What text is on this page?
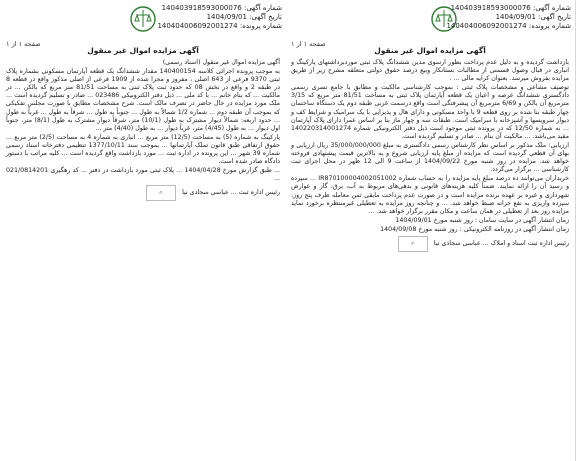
شماره آگهی: 140403918593000076
تاریخ آگهی: 1404/09/01
شماره پرونده: 140404006092001274
صفحه ۱ از ۱
آگهی مزایده اموال غیر منقول

بازداشت گردیده و به دلیل عدم پرداخت بطور ارسوی مدین ششدانگ پلاک ثبتی موردبرداشتهای پارکینگ و انباری در قبال وصول قسمتی از مطالبات بستانکار وبیع درصد حقوق دولتی متعلقه مشرح زیر از طریق مزایده بفروش میرسد. بعنوان کرایه مالی ... .

توصیف مشاعی و مشخصات پلاک ثبتی : بموجب کارشناسی مالکیت و مطابق با جامع تسری رسمی دادگستری ششدانگ عرصه و اعیان یک قطعه آپارتمان پلاک ثبتی به مساحت 81/51 متر مربع که 3/15 مترمربع آن بالکن و 6/69 مترمربع آن پیشرفتگی است واقع درسمت غربی طبقه دوم یک دستگاه ساختمان چهار طبقه بنا شده بر روی قطعه 9 با واحد مسکونی و دارای هال و پذیرایی با یک سرامیک و شرایط کف و دیوار سرویسها و آشپزخانه با سرامیک است. طبقات سه و چهار ماز بنا بر اساس عمرا دارای پلاک آپارتمان ... به شماره 12/50 که در پرونده ثبتی موجود است ذیل دفتر الکترونیکی شماره 140220314001274 مقید می‌باشد. ... مالکیت آن بنام ... صادر و تسلیم گردیده است.

ارزیابی: ملک مذکور بر اساس نظر کارشناس رسمی دادگستری به مبلغ 35/000/000/000 ریال ارزیابی و بهای آن قطعی گردیده است که مزایده از مبلغ پایه ارزیابی شروع و به بالاترین قیمت پیشنهادی فروخته خواهد شد. مزایده در روز شنبه مورخ 1404/09/22 از ساعت 9 الی 12 ظهر در محل اجرای ثبت کارشناسی ... برگزار می‌گردد.

خریداران می‌توانند ده درصد مبلغ پایه مزایده را به حساب شماره IR870100004002051002 ... سپرده و رسید آن را ارائه نمایند. ضمناً کلیه هزینه‌های قانونی و بدهی‌های مربوط به آب، برق، گاز و عوارض شهرداری و غیره بر عهده برنده مزایده است و در صورت عدم پرداخت مابقی ثمن معامله ظرف پنج روز، سپرده واریزی به نفع خزانه ضبط خواهد شد. ... و چنانچه روز مزایده به تعطیلی غیرمنتظره برخورد نماید مزایده روز بعد از تعطیلی در همان ساعت و مکان مقرر برگزار خواهد شد. ...

زمان انتشار آگهی در سایت سامان : روز شنبه مورخ 1404/09/01

زمان انتشار آگهی در روزنامه الکترونیکی : روز شنبه مورخ 1404/09/08

رئیس اداره ثبت اسناد و املاک ... عباسی سجادی نیا
✍
شماره آگهی: 140403918593000076
تاریخ آگهی: 1404/09/01
شماره پرونده: 140404006092001274
صفحه ۱ از ۱
آگهی مزایده اموال غیر منقول

آگهی مزایده اموال غیر منقول (اسناد رسمی)

به موجب پرونده اجرائی کلاسه 140400154 مقدار ششدانگ یک قطعه آپارتمان مسکونی بشماره پلاک ثبتی 9370 فرعی از 643 اصلی ، مفروز و مجزا شده از 1909 فرعی از اصلی مذکور واقع در قطعه 8 در طبقه 2 و واقع در بخش 08 که حدود ثبت پلاک ثبتی به مساحت 81/51 متر مربع که بالکن ... در مالکیت ... که بنام خانم ... با کد ملی ... ذیل دفتر الکترونیکی 023486 ... صادر و تسلیم گردیده است ... ملک مورد مزایده در حال حاضر در تصرف مالک است. شرح مشخصات مطابق با صورت مجلس تفکیکی که بموجب آن طبقه دوم ... شماره 1/2 شمالاً به طول ... جنوباً به طول ... شرقاً به طول ... غرباً به طول ... حدود اربعه: شمالاً دیوار مشترک به طول (10/1) متر، شرقاً دیوار مشترک به طول (8/1) متر، جنوباً اول دیوار ... به طول (4/45) متر، غرباً دیوار ... به طول (4/40) متر ...

پارکینگ به شماره (5) به مساحت (12/5) متر مربع ... انباری به شماره 4 به مساحت (2/5) متر مربع ... حقوق ارتفاقی طبق قانون تملک آپارتمانها ... بموجب سند 1377/10/11 تنظیمی دفترخانه اسناد رسمی شماره 39 شهر ... این پرونده در اداره ثبت ... مورد بازداشت واقع گردیده است ... کلیه مراتب با دستور دادگاه صادر شده است.

... طبق گزارش مورخ 1404/04/28 ... پلاک ثبتی مورد بازداشت در دفتر ... کد رهگیری 021/0814201 ...

رئیس اداره ثبت ... عباسی سجادی نیا
✍
